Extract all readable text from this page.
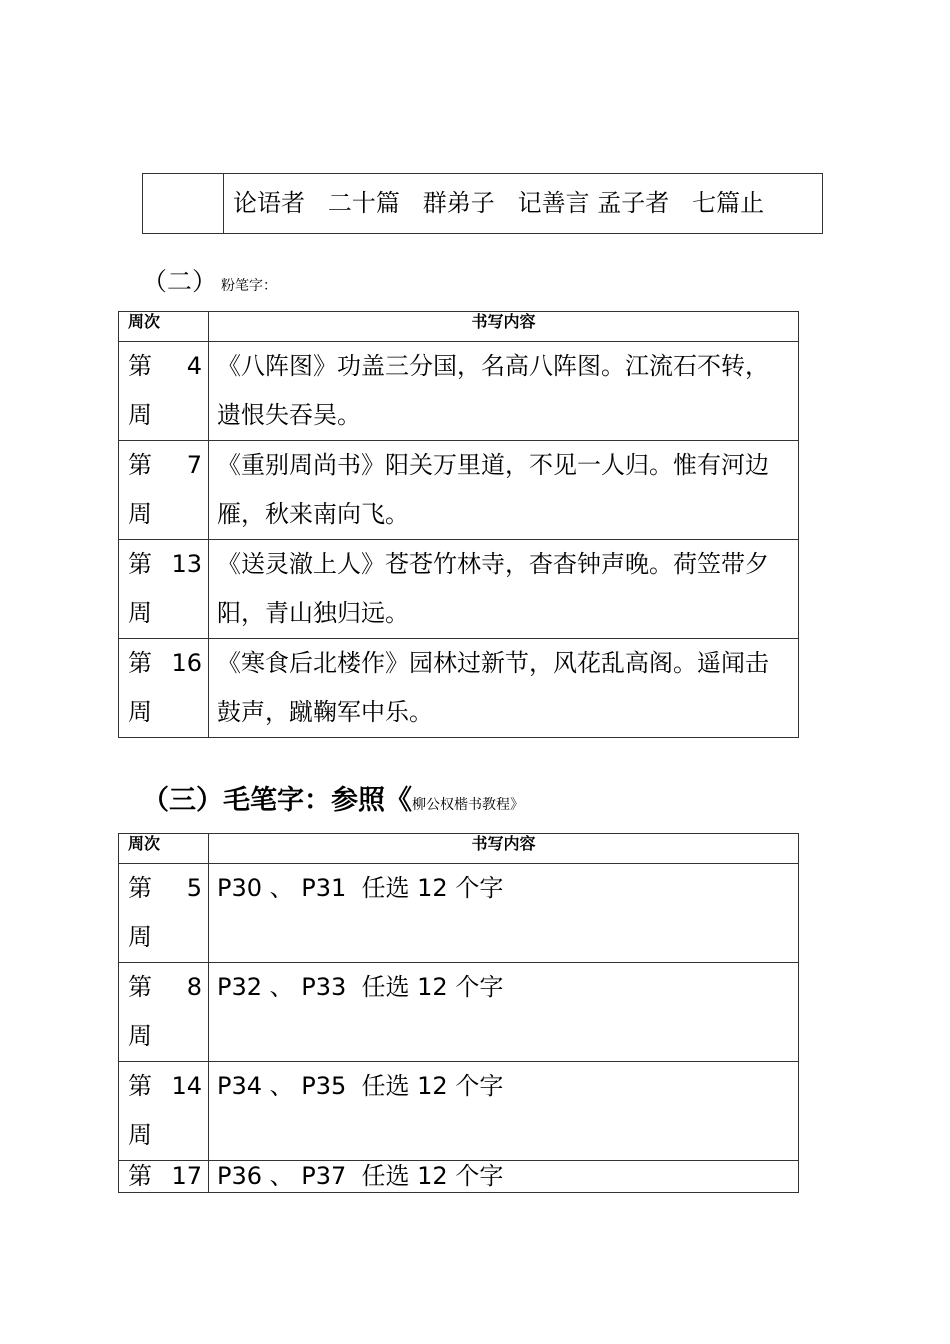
	论语者   二十篇   群弟子   记善言 孟子者   七篇止
（二） 粉笔字：
周次	书写内容

第 4
周	《八阵图》功盖三分国，名高八阵图。江流石不转，遗恨失吞吴。

第 7
周	《重别周尚书》阳关万里道，不见一人归。惟有河边雁，秋来南向飞。

第 13
周	《送灵澈上人》苍苍竹林寺，杳杳钟声晚。荷笠带夕阳，青山独归远。

第 16
周	《寒食后北楼作》园林过新节，风花乱高阁。遥闻击鼓声，蹴鞠军中乐。
（三）毛笔字：参照《柳公权楷书教程》
周次	书写内容

第 5
周	P30 、 P31  任选 12 个字

第 8
周	P32 、 P33  任选 12 个字

第 14
周	P34 、 P35  任选 12 个字

第 17	P36 、 P37  任选 12 个字
